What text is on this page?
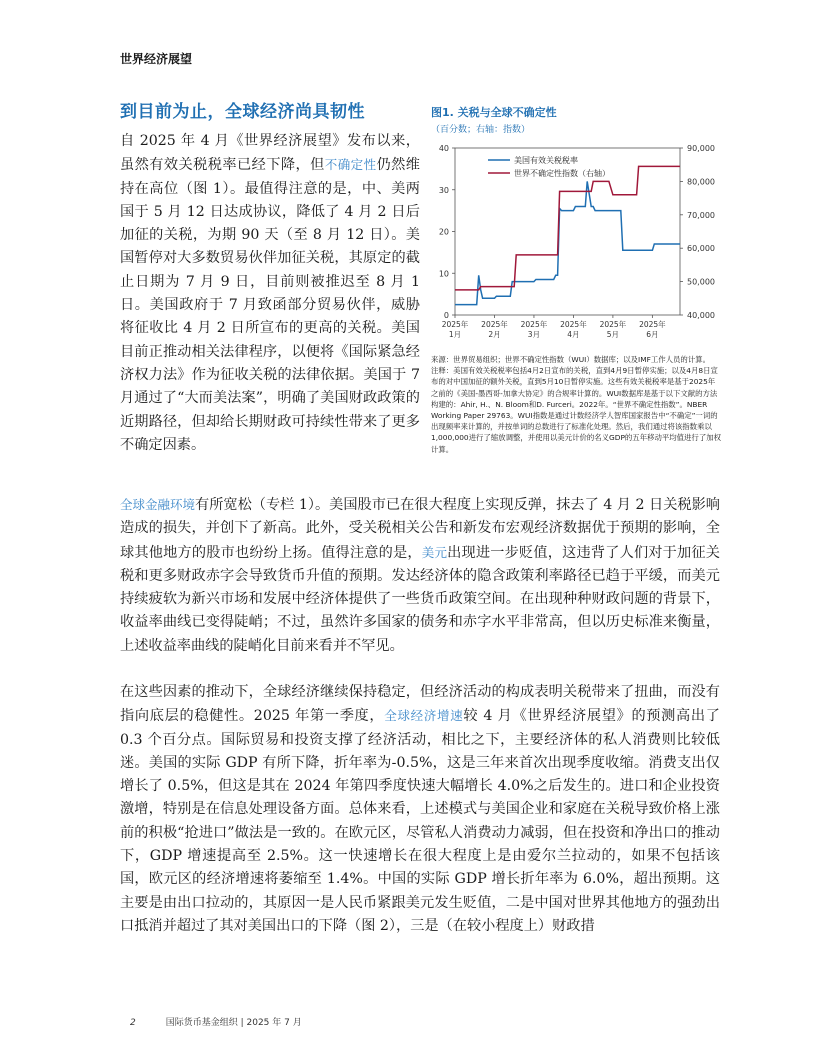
世界经济展望
到目前为止，全球经济尚具韧性
自 2025 年 4 月《世界经济展望》发布以来，虽然有效关税税率已经下降，但不确定性仍然维持在高位（图 1）。最值得注意的是，中、美两国于 5 月 12 日达成协议，降低了 4 月 2 日后加征的关税，为期 90 天（至 8 月 12 日）。美国暂停对大多数贸易伙伴加征关税，其原定的截止日期为 7 月 9 日，目前则被推迟至 8 月 1 日。美国政府于 7 月致函部分贸易伙伴，威胁将征收比 4 月 2 日所宣布的更高的关税。美国目前正推动相关法律程序，以便将《国际紧急经济权力法》作为征收关税的法律依据。美国于 7 月通过了“大而美法案”，明确了美国财政政策的近期路径，但却给长期财政可持续性带来了更多不确定因素。
全球金融环境有所宽松（专栏 1）。美国股市已在很大程度上实现反弹，抹去了 4 月 2 日关税影响造成的损失，并创下了新高。此外，受关税相关公告和新发布宏观经济数据优于预期的影响，全球其他地方的股市也纷纷上扬。值得注意的是，美元出现进一步贬值，这违背了人们对于加征关税和更多财政赤字会导致货币升值的预期。发达经济体的隐含政策利率路径已趋于平缓，而美元持续疲软为新兴市场和发展中经济体提供了一些货币政策空间。在出现种种财政问题的背景下，收益率曲线已变得陡峭；不过，虽然许多国家的债务和赤字水平非常高，但以历史标准来衡量，上述收益率曲线的陡峭化目前来看并不罕见。
在这些因素的推动下，全球经济继续保持稳定，但经济活动的构成表明关税带来了扭曲，而没有指向底层的稳健性。2025 年第一季度，全球经济增速较 4 月《世界经济展望》的预测高出了 0.3 个百分点。国际贸易和投资支撑了经济活动，相比之下，主要经济体的私人消费则比较低迷。美国的实际 GDP 有所下降，折年率为-0.5%，这是三年来首次出现季度收缩。消费支出仅增长了 0.5%，但这是其在 2024 年第四季度快速大幅增长 4.0%之后发生的。进口和企业投资激增，特别是在信息处理设备方面。总体来看，上述模式与美国企业和家庭在关税导致价格上涨前的积极“抢进口”做法是一致的。在欧元区，尽管私人消费动力减弱，但在投资和净出口的推动下，GDP 增速提高至 2.5%。这一快速增长在很大程度上是由爱尔兰拉动的，如果不包括该国，欧元区的经济增速将萎缩至 1.4%。中国的实际 GDP 增长折年率为 6.0%，超出预期。这主要是由出口拉动的，其原因一是人民币紧跟美元发生贬值，二是中国对世界其他地方的强劲出口抵消并超过了其对美国出口的下降（图 2），三是（在较小程度上）财政措
图1. 关税与全球不确定性
（百分数；右轴：指数）
0
10
20
30
40
40,000
50,000
60,000
70,000
80,000
90,000
2025年
1月
2025年
2月
2025年
3月
2025年
4月
2025年
5月
2025年
6月
美国有效关税税率
世界不确定性指数（右轴）
来源：世界贸易组织；世界不确定性指数（WUI）数据库；以及IMF工作人员的计算。
注释：美国有效关税税率包括4月2日宣布的关税，直到4月9日暂停实施；以及4月8日宣布的对中国加征的额外关税，直到5月10日暂停实施。这些有效关税税率是基于2025年之前的《美国-墨西哥-加拿大协定》的合规率计算的。WUI数据库是基于以下文献的方法构建的：Ahir, H.、N. Bloom和D. Furceri。2022年。“世界不确定性指数”。NBER Working Paper 29763。WUI指数是通过计数经济学人智库国家报告中“不确定”一词的出现频率来计算的，并按单词的总数进行了标准化处理。然后，我们通过将该指数乘以1,000,000进行了缩放调整，并使用以美元计价的名义GDP的五年移动平均值进行了加权计算。
2	国际货币基金组织 | 2025 年 7 月
